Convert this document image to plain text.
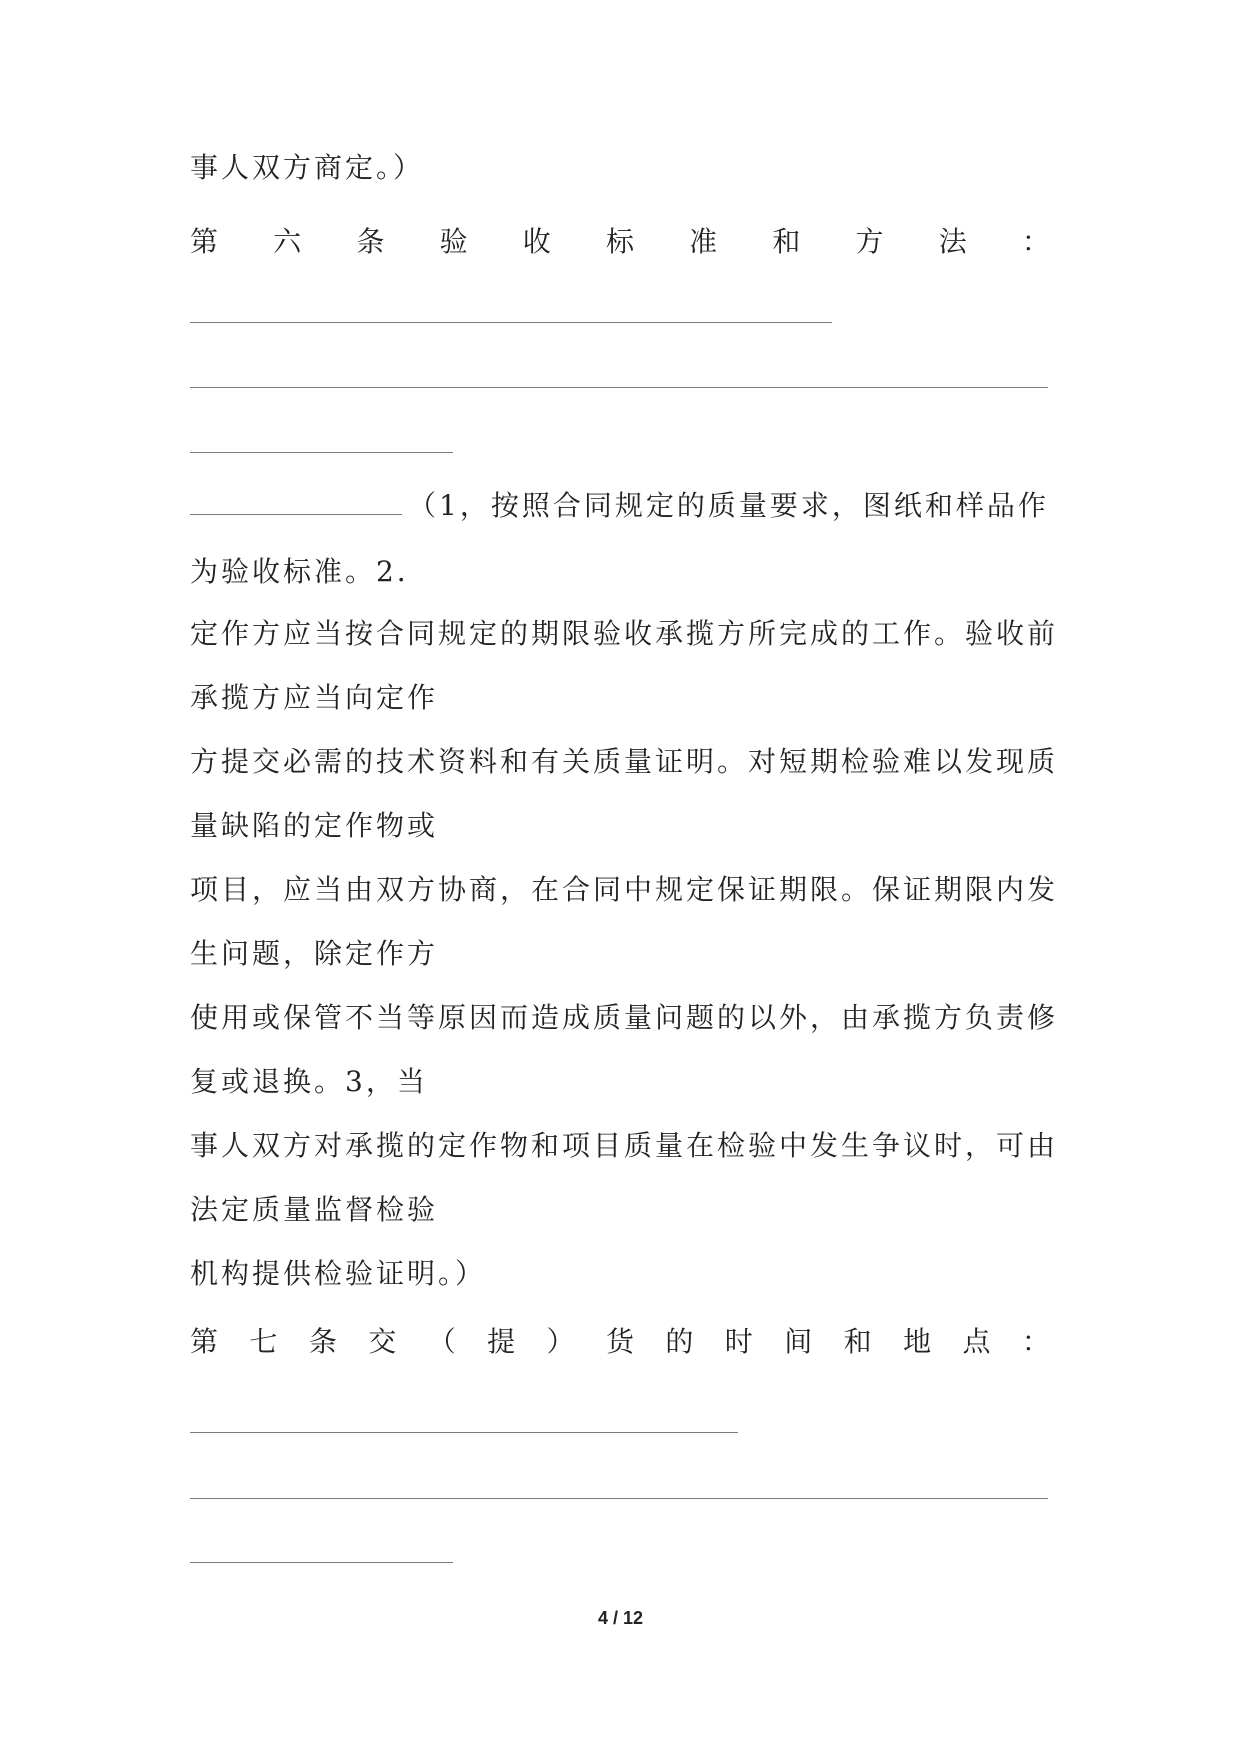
事人双方商定。）
第 六 条 验 收 标 准 和 方 法 ：
（1，按照合同规定的质量要求，图纸和样品作
为验收标准。2．
定作方应当按合同规定的期限验收承揽方所完成的工作。验收前
承揽方应当向定作
方提交必需的技术资料和有关质量证明。对短期检验难以发现质
量缺陷的定作物或
项目，应当由双方协商，在合同中规定保证期限。保证期限内发
生问题，除定作方
使用或保管不当等原因而造成质量问题的以外，由承揽方负责修
复或退换。3，当
事人双方对承揽的定作物和项目质量在检验中发生争议时，可由
法定质量监督检验
机构提供检验证明。）
第 七 条 交 （ 提 ） 货 的 时 间 和 地 点 ：
4 / 12
